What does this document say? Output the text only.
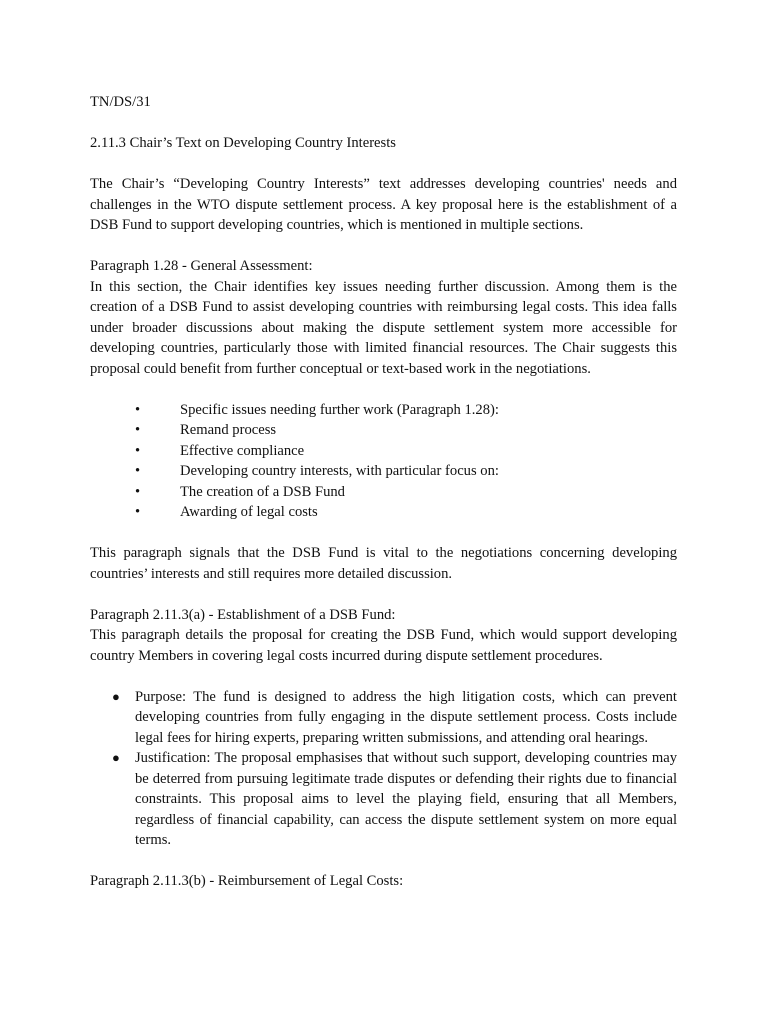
TN/DS/31

2.11.3 Chair’s Text on Developing Country Interests

The Chair’s “Developing Country Interests” text addresses developing countries' needs and challenges in the WTO dispute settlement process. A key proposal here is the establishment of a DSB Fund to support developing countries, which is mentioned in multiple sections.

Paragraph 1.28 - General Assessment:

In this section, the Chair identifies key issues needing further discussion. Among them is the creation of a DSB Fund to assist developing countries with reimbursing legal costs. This idea falls under broader discussions about making the dispute settlement system more accessible for developing countries, particularly those with limited financial resources. The Chair suggests this proposal could benefit from further conceptual or text-based work in the negotiations.

•	Specific issues needing further work (Paragraph 1.28):
•	Remand process
•	Effective compliance
•	Developing country interests, with particular focus on:
•	The creation of a DSB Fund
•	Awarding of legal costs

This paragraph signals that the DSB Fund is vital to the negotiations concerning developing countries’ interests and still requires more detailed discussion.

Paragraph 2.11.3(a) - Establishment of a DSB Fund:

This paragraph details the proposal for creating the DSB Fund, which would support developing country Members in covering legal costs incurred during dispute settlement procedures.

● Purpose: The fund is designed to address the high litigation costs, which can prevent developing countries from fully engaging in the dispute settlement process. Costs include legal fees for hiring experts, preparing written submissions, and attending oral hearings.
● Justification: The proposal emphasises that without such support, developing countries may be deterred from pursuing legitimate trade disputes or defending their rights due to financial constraints. This proposal aims to level the playing field, ensuring that all Members, regardless of financial capability, can access the dispute settlement system on more equal terms.

Paragraph 2.11.3(b) - Reimbursement of Legal Costs:
